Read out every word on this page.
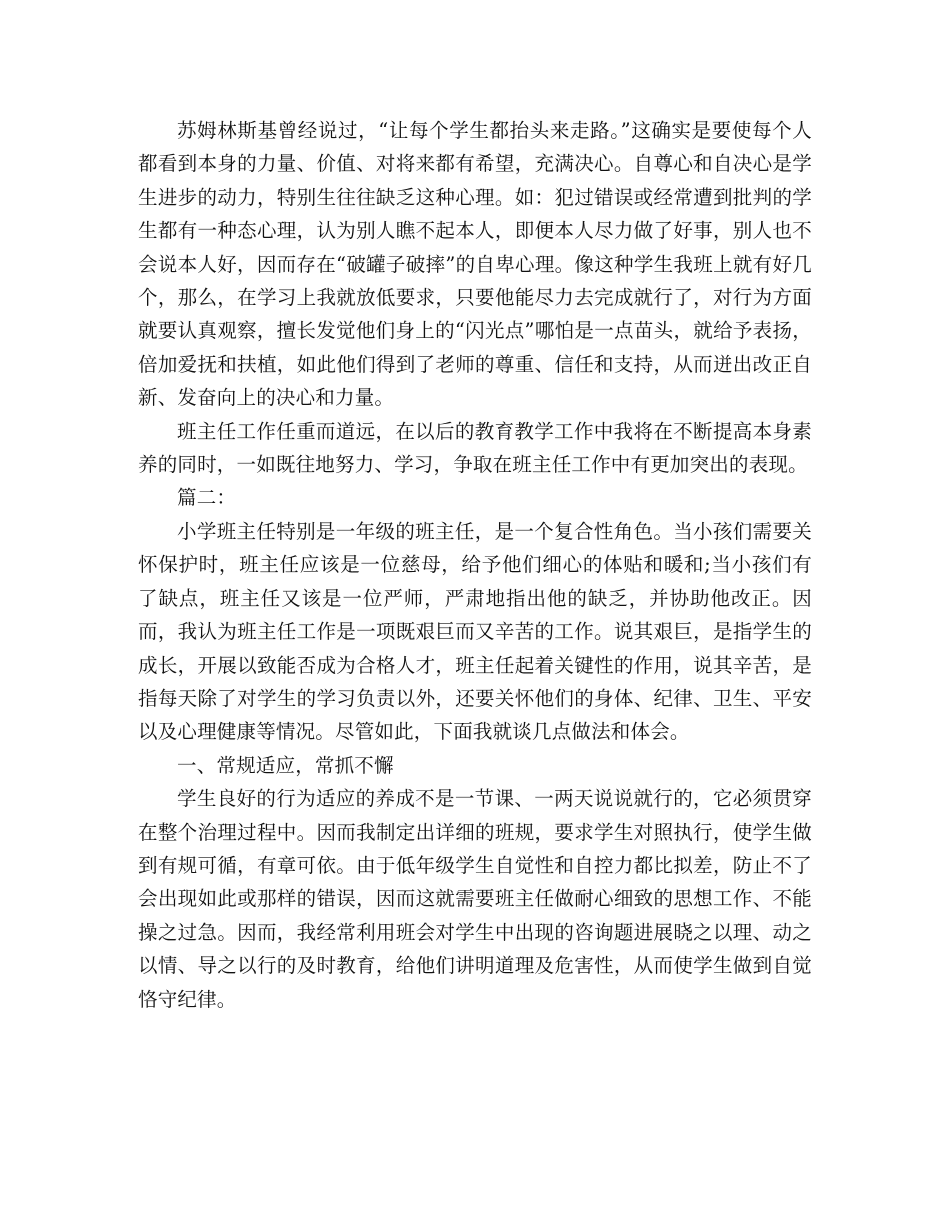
苏姆林斯基曾经说过，“让每个学生都抬头来走路。”这确实是要使每个人都看到本身的力量、价值、对将来都有希望，充满决心。自尊心和自决心是学生进步的动力，特别生往往缺乏这种心理。如：犯过错误或经常遭到批判的学生都有一种态心理，认为别人瞧不起本人，即便本人尽力做了好事，别人也不会说本人好，因而存在“破罐子破摔”的自卑心理。像这种学生我班上就有好几个，那么，在学习上我就放低要求，只要他能尽力去完成就行了，对行为方面就要认真观察，擅长发觉他们身上的“闪光点”哪怕是一点苗头，就给予表扬，倍加爱抚和扶植，如此他们得到了老师的尊重、信任和支持，从而迸出改正自新、发奋向上的决心和力量。

班主任工作任重而道远，在以后的教育教学工作中我将在不断提高本身素养的同时，一如既往地努力、学习，争取在班主任工作中有更加突出的表现。

篇二：

小学班主任特别是一年级的班主任，是一个复合性角色。当小孩们需要关怀保护时，班主任应该是一位慈母，给予他们细心的体贴和暖和;当小孩们有了缺点，班主任又该是一位严师，严肃地指出他的缺乏，并协助他改正。因而，我认为班主任工作是一项既艰巨而又辛苦的工作。说其艰巨，是指学生的成长，开展以致能否成为合格人才，班主任起着关键性的作用，说其辛苦，是指每天除了对学生的学习负责以外，还要关怀他们的身体、纪律、卫生、平安以及心理健康等情况。尽管如此，下面我就谈几点做法和体会。

一、常规适应，常抓不懈

学生良好的行为适应的养成不是一节课、一两天说说就行的，它必须贯穿在整个治理过程中。因而我制定出详细的班规，要求学生对照执行，使学生做到有规可循，有章可依。由于低年级学生自觉性和自控力都比拟差，防止不了会出现如此或那样的错误，因而这就需要班主任做耐心细致的思想工作、不能操之过急。因而，我经常利用班会对学生中出现的咨询题进展晓之以理、动之以情、导之以行的及时教育，给他们讲明道理及危害性，从而使学生做到自觉恪守纪律。
